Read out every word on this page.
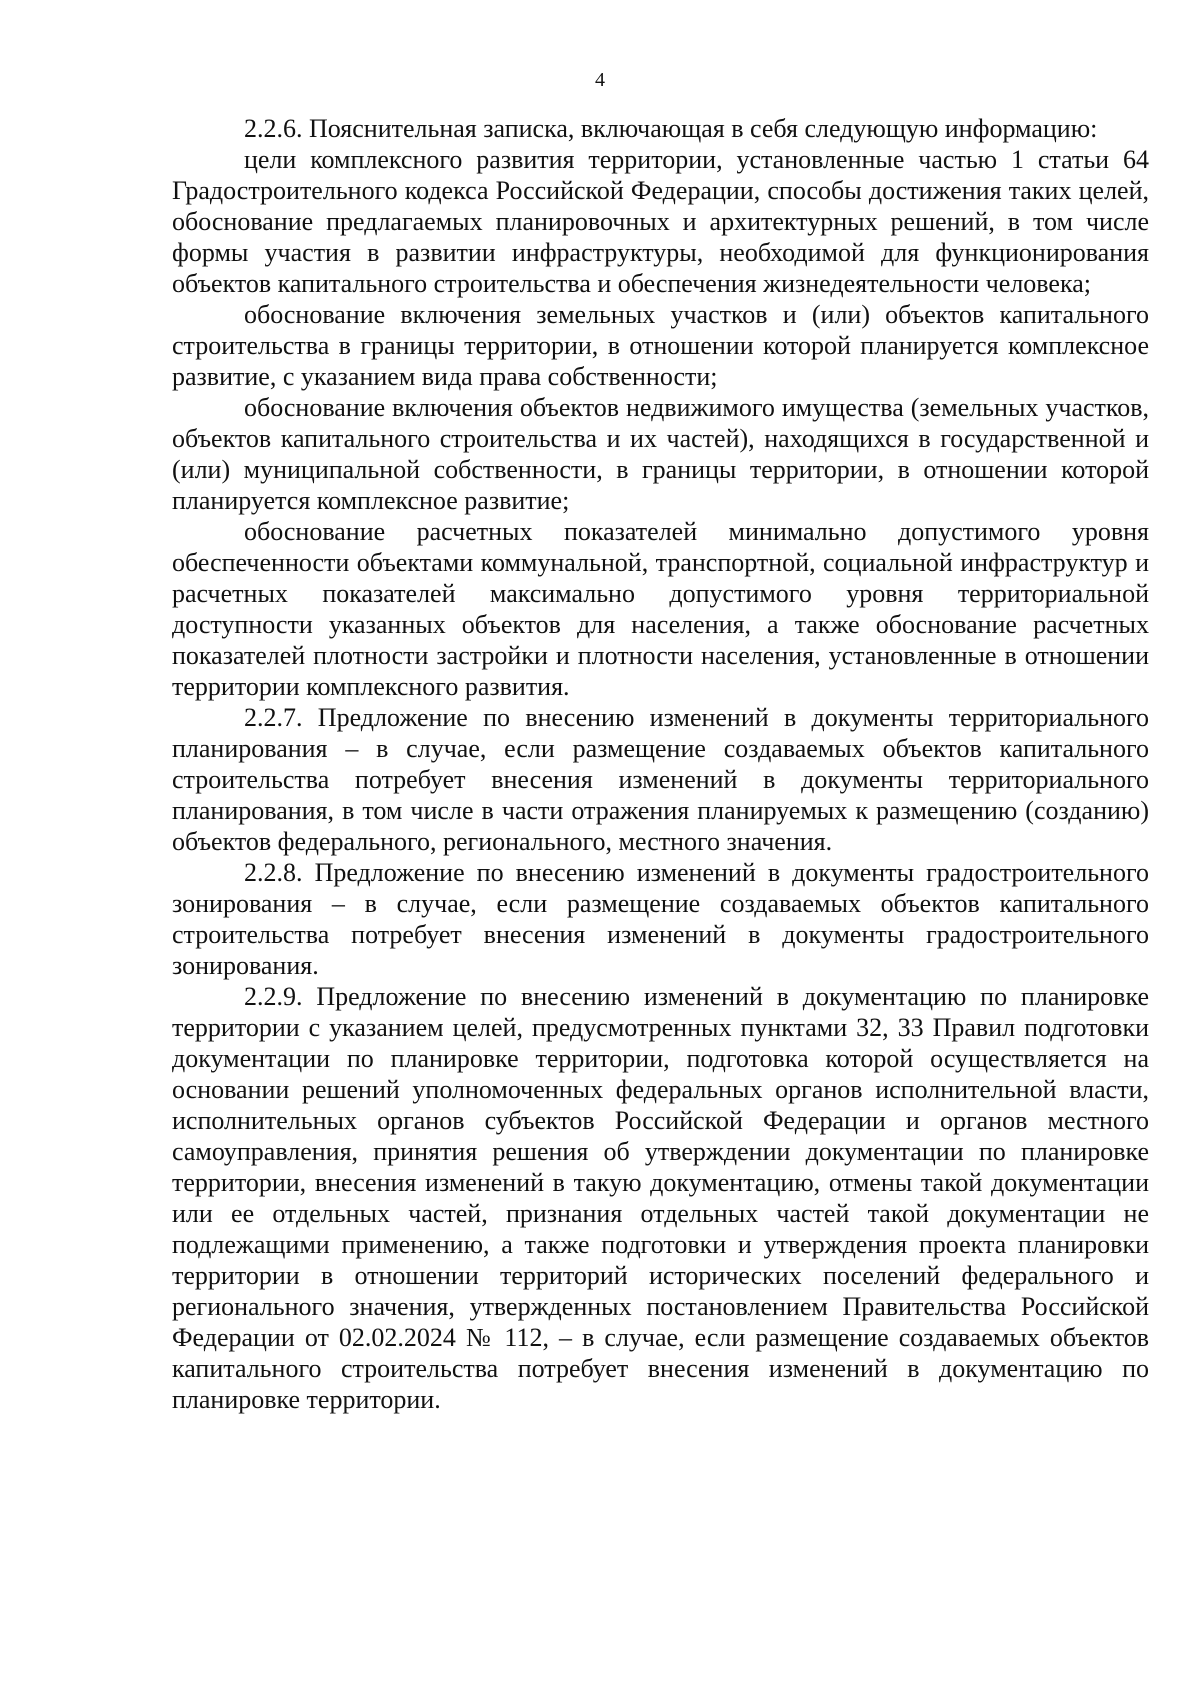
4

2.2.6. Пояснительная записка, включающая в себя следующую информацию:

цели комплексного развития территории, установленные частью 1 статьи 64 Градостроительного кодекса Российской Федерации, способы достижения таких целей, обоснование предлагаемых планировочных и архитектурных решений, в том числе формы участия в развитии инфраструктуры, необходимой для функционирования объектов капитального строительства и обеспечения жизнедеятельности человека;

обоснование включения земельных участков и (или) объектов капитального строительства в границы территории, в отношении которой планируется комплексное развитие, с указанием вида права собственности;

обоснование включения объектов недвижимого имущества (земельных участков, объектов капитального строительства и их частей), находящихся в государственной и (или) муниципальной собственности, в границы территории, в отношении которой планируется комплексное развитие;

обоснование расчетных показателей минимально допустимого уровня обеспеченности объектами коммунальной, транспортной, социальной инфраструктур и расчетных показателей максимально допустимого уровня территориальной доступности указанных объектов для населения, а также обоснование расчетных показателей плотности застройки и плотности населения, установленные в отношении территории комплексного развития.

2.2.7. Предложение по внесению изменений в документы территориального планирования – в случае, если размещение создаваемых объектов капитального строительства потребует внесения изменений в документы территориального планирования, в том числе в части отражения планируемых к размещению (созданию) объектов федерального, регионального, местного значения.

2.2.8. Предложение по внесению изменений в документы градостроительного зонирования – в случае, если размещение создаваемых объектов капитального строительства потребует внесения изменений в документы градостроительного зонирования.

2.2.9. Предложение по внесению изменений в документацию по планировке территории с указанием целей, предусмотренных пунктами 32, 33 Правил подготовки документации по планировке территории, подготовка которой осуществляется на основании решений уполномоченных федеральных органов исполнительной власти, исполнительных органов субъектов Российской Федерации и органов местного самоуправления, принятия решения об утверждении документации по планировке территории, внесения изменений в такую документацию, отмены такой документации или ее отдельных частей, признания отдельных частей такой документации не подлежащими применению, а также подготовки и утверждения проекта планировки территории в отношении территорий исторических поселений федерального и регионального значения, утвержденных постановлением Правительства Российской Федерации от 02.02.2024 № 112, – в случае, если размещение создаваемых объектов капитального строительства потребует внесения изменений в документацию по планировке территории.
